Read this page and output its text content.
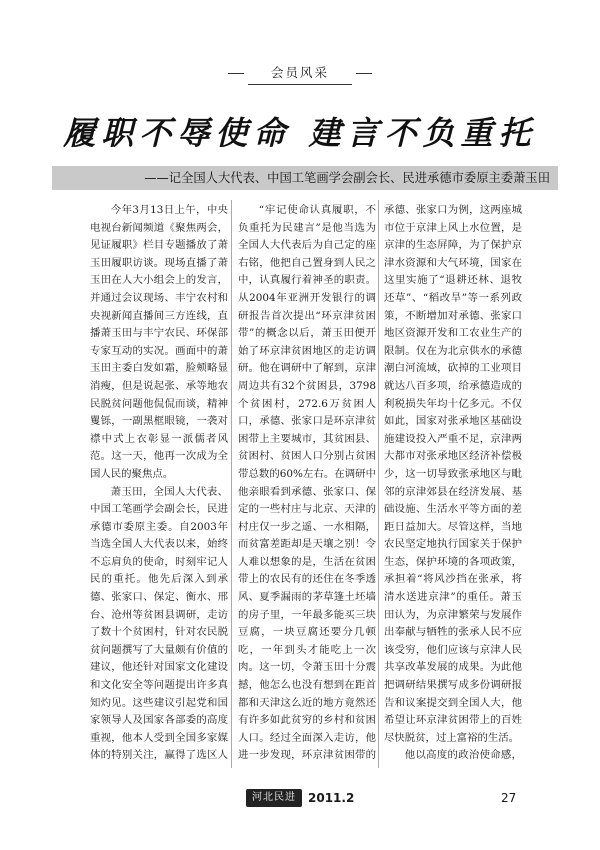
会员风采
履职不辱使命 建言不负重托
——记全国人大代表、中国工笔画学会副会长、民进承德市委原主委萧玉田

今年3月13日上午，中央电视台新闻频道《聚焦两会，见证履职》栏目专题播放了萧玉田履职访谈。现场直播了萧玉田在人大小组会上的发言，并通过会议现场、丰宁农村和央视新闻直播间三方连线，直播萧玉田与丰宁农民、环保部专家互动的实况。画面中的萧玉田主委白发如霜，脸颊略显消瘦，但是说起张、承等地农民脱贫问题他侃侃而谈，精神矍铄，一副黑框眼镜，一袭对襟中式上衣彰显一派儒者风范。这一天，他再一次成为全国人民的聚焦点。

萧玉田，全国人大代表、中国工笔画学会副会长，民进承德市委原主委。自2003年当选全国人大代表以来，始终不忘肩负的使命，时刻牢记人民的重托。他先后深入到承德、张家口、保定、衡水、邢台、沧州等贫困县调研，走访了数十个贫困村，针对农民脱贫问题撰写了大量颇有价值的建议，他还针对国家文化建设和文化安全等问题提出许多真知灼见。这些建议引起党和国家领导人及国家各部委的高度重视，他本人受到全国多家媒体的特别关注，赢得了选区人

“牢记使命认真履职，不负重托为民建言”是他当选为全国人大代表后为自己定的座右铭，他把自己置身到人民之中，认真履行着神圣的职责。从2004年亚洲开发银行的调研报告首次提出“环京津贫困带”的概念以后，萧玉田便开始了环京津贫困地区的走访调研。他在调研中了解到，京津周边共有32个贫困县，3798个贫困村，272.6万贫困人口，承德、张家口是环京津贫困带上主要城市，其贫困县、贫困村、贫困人口分别占贫困带总数的60%左右。在调研中他亲眼看到承德、张家口、保定的一些村庄与北京、天津的村庄仅一步之遥、一水相隔，而贫富差距却是天壤之别！令人难以想象的是，生活在贫困带上的农民有的还住在冬季透风、夏季漏雨的茅草篷土坯墙的房子里，一年最多能买三块豆腐，一块豆腐还要分几顿吃，一年到头才能吃上一次肉。这一切，令萧玉田十分震撼，他怎么也没有想到在距首都和天津这么近的地方竟然还有许多如此贫穷的乡村和贫困人口。经过全面深入走访，他进一步发现，环京津贫困带的

承德、张家口为例，这两座城市位于京津上风上水位置，是京津的生态屏障，为了保护京津水资源和大气环境，国家在这里实施了“退耕还林、退牧还草”、“稻改旱”等一系列政策，不断增加对承德、张家口地区资源开发和工农业生产的限制。仅在为北京供水的承德潮白河流域，砍掉的工业项目就达八百多项，给承德造成的利税损失年均十亿多元。不仅如此，国家对张承地区基础设施建设投入严重不足，京津两大都市对张承地区经济补偿极少，这一切导致张承地区与毗邻的京津郊县在经济发展、基础设施、生活水平等方面的差距日益加大。尽管这样，当地农民坚定地执行国家关于保护生态，保护环境的各项政策，承担着“将风沙挡在张承，将清水送进京津”的重任。萧玉田认为，为京津繁荣与发展作出奉献与牺牲的张承人民不应该受穷，他们应该与京津人民共享改革发展的成果。为此他把调研结果撰写成多份调研报告和议案提交到全国人大，他希望让环京津贫困带上的百姓尽快脱贫，过上富裕的生活。

他以高度的政治使命感，

河北民进	2011.2	27
